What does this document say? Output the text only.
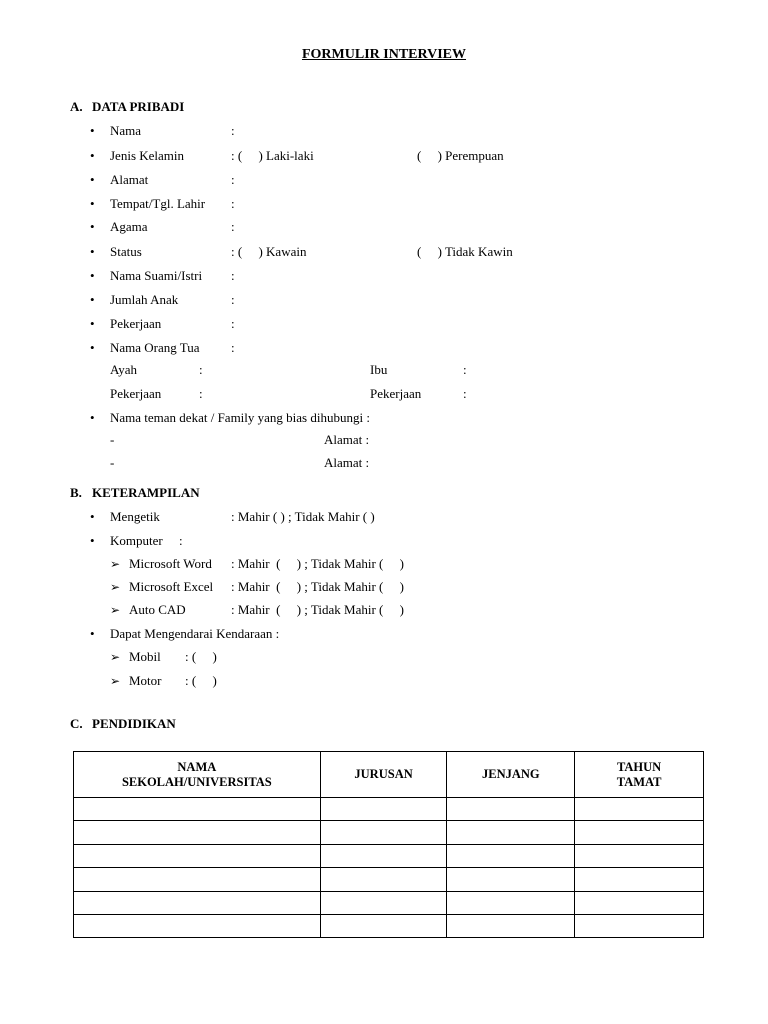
FORMULIR INTERVIEW
A. DATA PRIBADI
• Nama	:
• Jenis Kelamin	: (     ) Laki-laki	(     ) Perempuan
• Alamat	:
• Tempat/Tgl. Lahir :
• Agama	:
• Status	: (     ) Kawain	(     ) Tidak Kawin
• Nama Suami/Istri :
• Jumlah Anak	:
• Pekerjaan	:
• Nama Orang Tua :
Ayah	:	Ibu	:
Pekerjaan	:	Pekerjaan	:
• Nama teman dekat / Family yang bias dihubungi :
-	Alamat :
-	Alamat :
B. KETERAMPILAN
• Mengetik	: Mahir ( ) ; Tidak Mahir ( )
• Komputer     :
➢ Microsoft Word : Mahir  (     ) ; Tidak Mahir (     )
➢ Microsoft Excel : Mahir  (     ) ; Tidak Mahir (     )
➢ Auto CAD	: Mahir  (     ) ; Tidak Mahir (     )
• Dapat Mengendarai Kendaraan :
➢ Mobil : (     )
➢ Motor : (     )
C. PENDIDIKAN
NAMA
SEKOLAH/UNIVERSITAS	JURUSAN	JENJANG	TAHUN
TAMAT
